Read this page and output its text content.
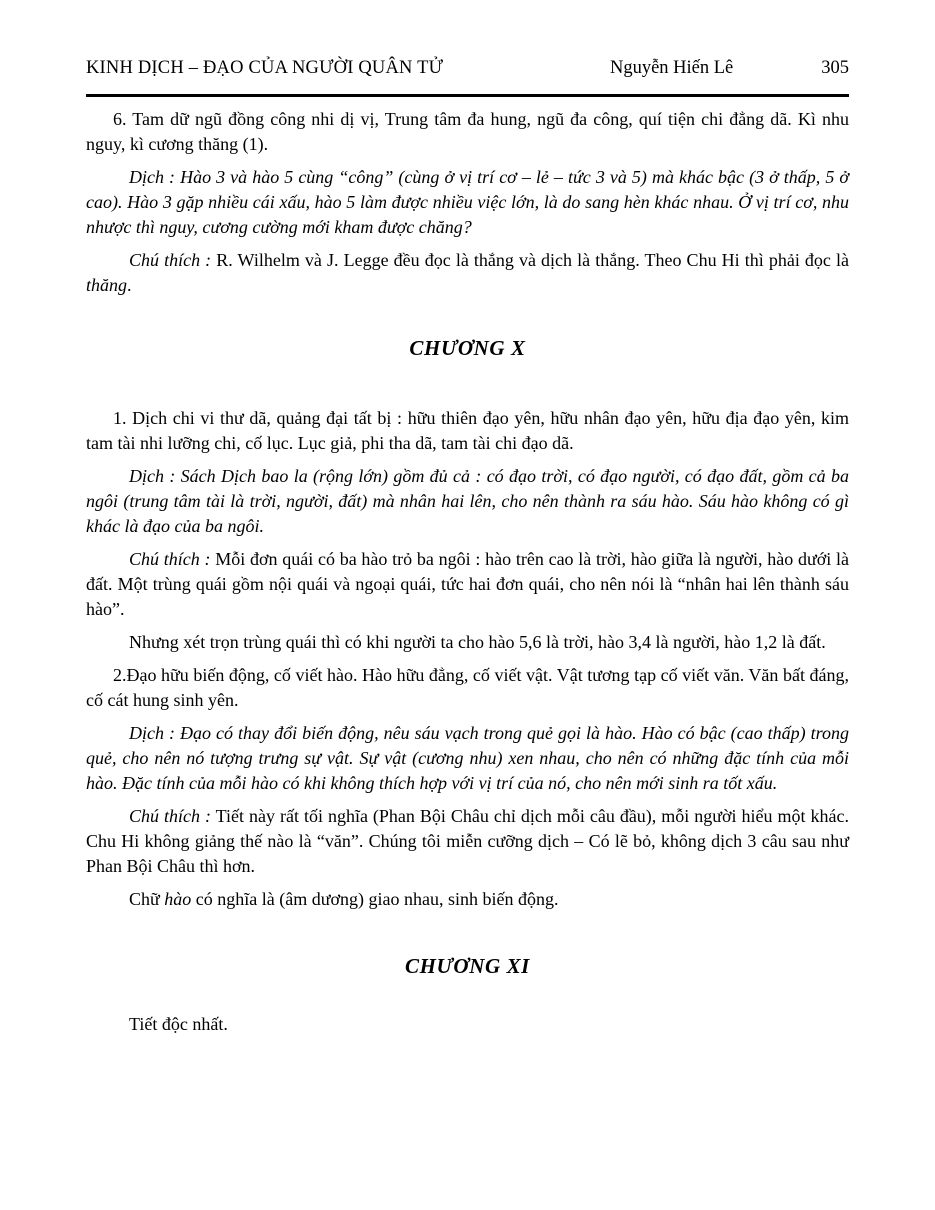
KINH DỊCH – ĐẠO CỦA NGƯỜI QUÂN TỬ	Nguyễn Hiến Lê	305

6. Tam dữ ngũ đồng công nhi dị vị, Trung tâm đa hung, ngũ đa công, quí tiện chi đẳng dã. Kì nhu nguy, kì cương thăng (1).

Dịch : Hào 3 và hào 5 cùng “công” (cùng ở vị trí cơ – lẻ – tức 3 và 5) mà khác bậc (3 ở thấp, 5 ở cao). Hào 3 gặp nhiều cái xấu, hào 5 làm được nhiều việc lớn, là do sang hèn khác nhau. Ở vị trí cơ, nhu nhược thì nguy, cương cường mới kham được chăng?

Chú thích : R. Wilhelm và J. Legge đều đọc là thắng và dịch là thắng. Theo Chu Hi thì phải đọc là thăng.

CHƯƠNG X

1. Dịch chi vi thư dã, quảng đại tất bị : hữu thiên đạo yên, hữu nhân đạo yên, hữu địa đạo yên, kim tam tài nhi lưỡng chi, cố lục. Lục giả, phi tha dã, tam tài chi đạo dã.

Dịch : Sách Dịch bao la (rộng lớn) gồm đủ cả : có đạo trời, có đạo người, có đạo đất, gồm cả ba ngôi (trung tâm tài là trời, người, đất) mà nhân hai lên, cho nên thành ra sáu hào. Sáu hào không có gì khác là đạo của ba ngôi.

Chú thích : Mỗi đơn quái có ba hào trỏ ba ngôi : hào trên cao là trời, hào giữa là người, hào dưới là đất. Một trùng quái gồm nội quái và ngoại quái, tức hai đơn quái, cho nên nói là “nhân hai lên thành sáu hào”.

Nhưng xét trọn trùng quái thì có khi người ta cho hào 5,6 là trời, hào 3,4 là người, hào 1,2 là đất.

2.Đạo hữu biến động, cố viết hào. Hào hữu đẳng, cố viết vật. Vật tương tạp cố viết văn. Văn bất đáng, cố cát hung sinh yên.

Dịch : Đạo có thay đổi biến động, nêu sáu vạch trong quẻ gọi là hào. Hào có bậc (cao thấp) trong quẻ, cho nên nó tượng trưng sự vật. Sự vật (cương nhu) xen nhau, cho nên có những đặc tính của mỗi hào. Đặc tính của mỗi hào có khi không thích hợp với vị trí của nó, cho nên mới sinh ra tốt xấu.

Chú thích : Tiết này rất tối nghĩa (Phan Bội Châu chỉ dịch mỗi câu đầu), mỗi người hiểu một khác. Chu Hi không giảng thế nào là “văn”. Chúng tôi miễn cưỡng dịch – Có lẽ bỏ, không dịch 3 câu sau như Phan Bội Châu thì hơn.

Chữ hào có nghĩa là (âm dương) giao nhau, sinh biến động.

CHƯƠNG XI

Tiết độc nhất.
